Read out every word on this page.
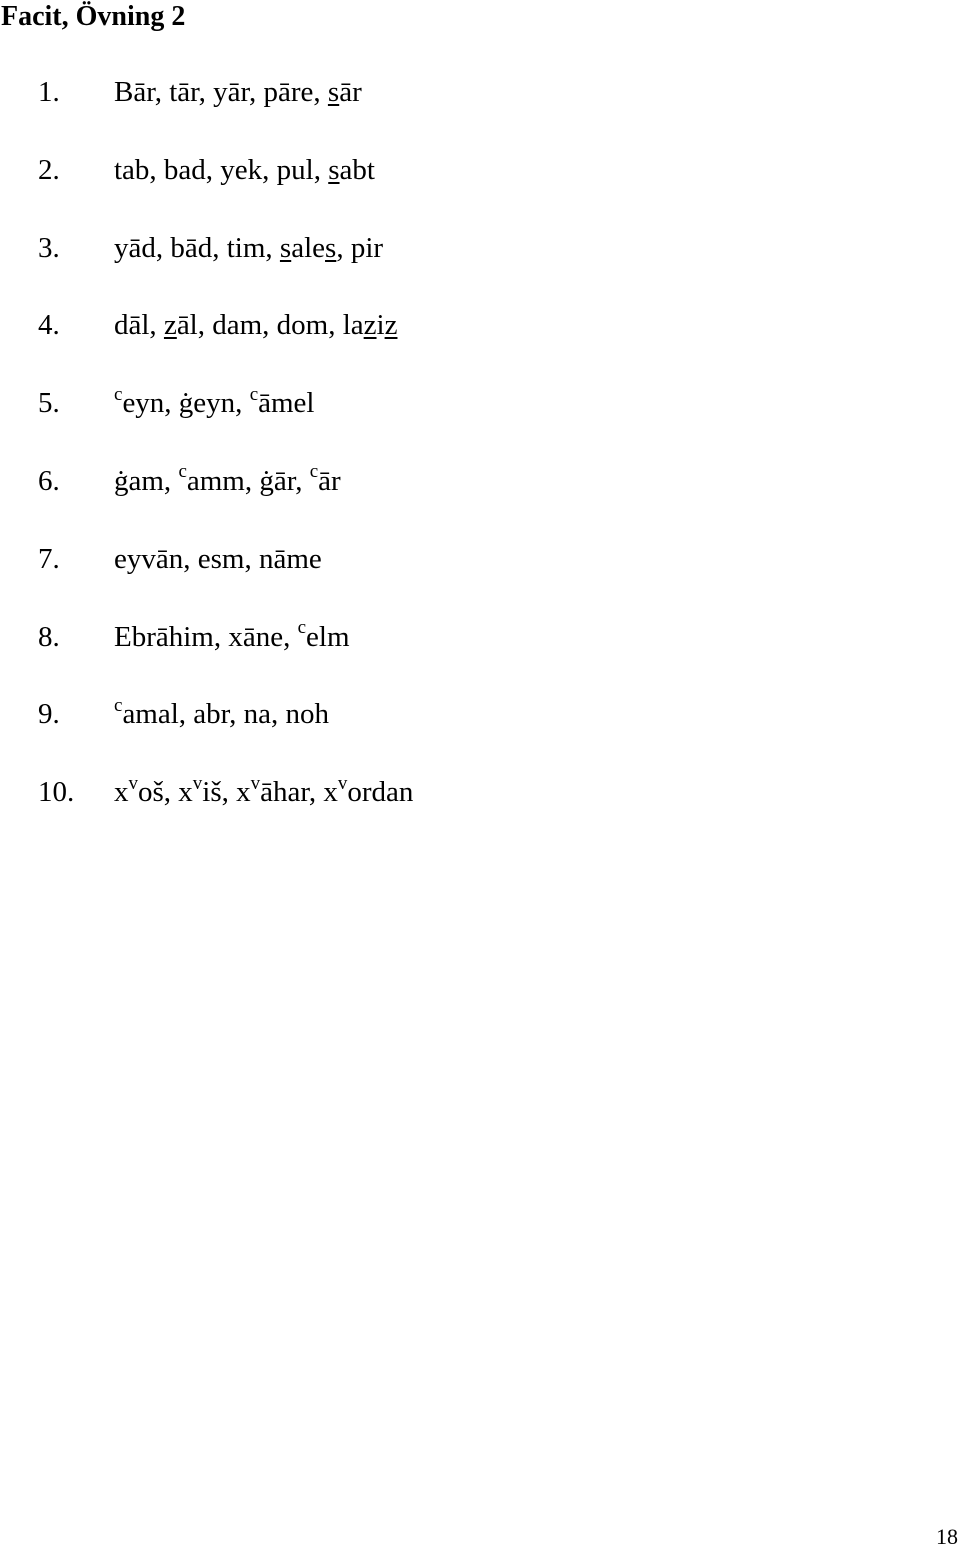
Facit, Övning 2
1. Bār, tār, yār, pāre, sār
2. tab, bad, yek, pul, sabt
3. yād, bād, tim, sales, pir
4. dāl, zāl, dam, dom, laziz
5.	$^c$eyn, ġeyn, $^c$āmel
6. ġam, $^c$amm, ġār, $^c$ār
7. eyvān, esm, nāme
8. Ebrāhim, xāne, $^c$elm
9.	$^c$amal, abr, na, noh
10. $x^voš$, $x^viš$, $x^vāhar$, $x^vordan$
18
